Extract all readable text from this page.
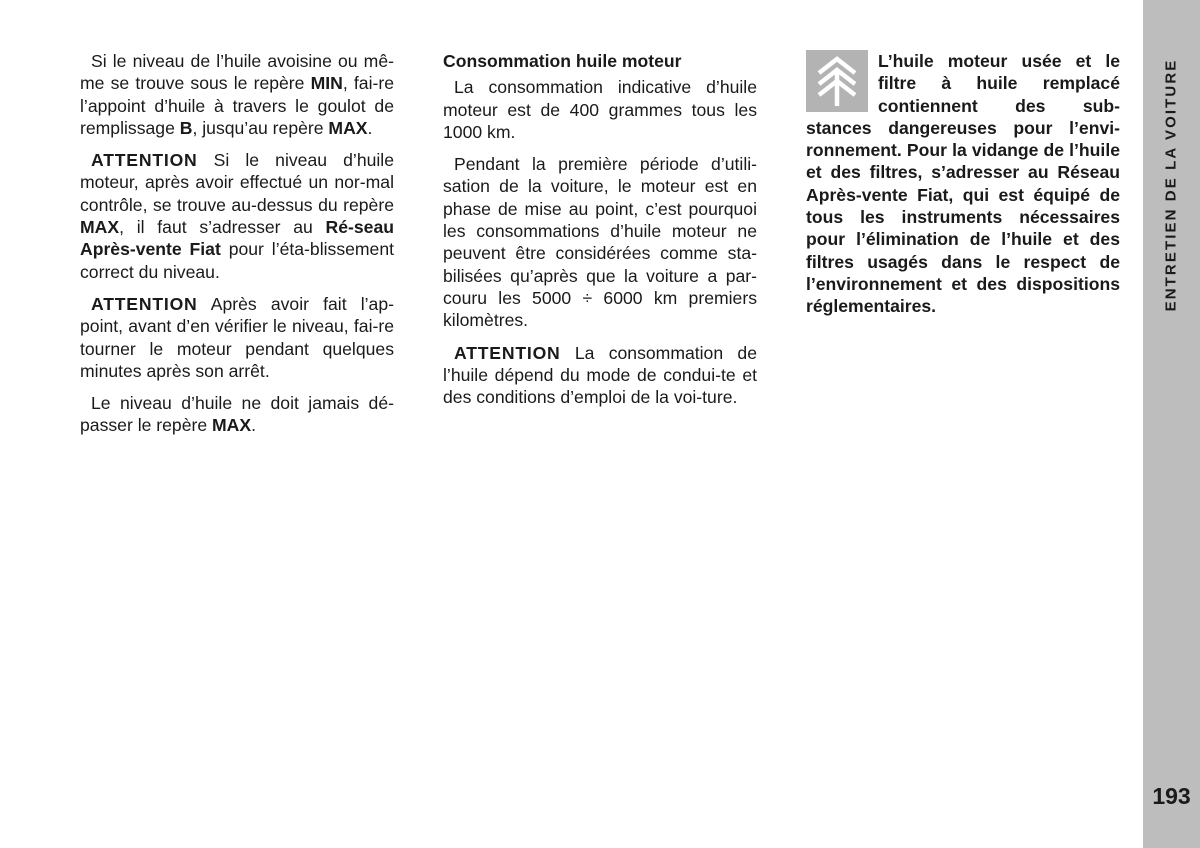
Si le niveau de l’huile avoisine ou mê-me se trouve sous le repère MIN, fai-re l’appoint d’huile à travers le goulot de remplissage B, jusqu’au repère MAX.

ATTENTION Si le niveau d’huile moteur, après avoir effectué un nor-mal contrôle, se trouve au-dessus du repère MAX, il faut s’adresser au Ré-seau Après-vente Fiat pour l’éta-blissement correct du niveau.

ATTENTION Après avoir fait l’ap-point, avant d’en vérifier le niveau, fai-re tourner le moteur pendant quelques minutes après son arrêt.

Le niveau d’huile ne doit jamais dé-passer le repère MAX.

Consommation huile moteur

La consommation indicative d’huile moteur est de 400 grammes tous les 1000 km.

Pendant la première période d’utili-sation de la voiture, le moteur est en phase de mise au point, c’est pourquoi les consommations d’huile moteur ne peuvent être considérées comme sta-bilisées qu’après que la voiture a par-couru les 5000 ÷ 6000 km premiers kilomètres.

ATTENTION La consommation de l’huile dépend du mode de condui-te et des conditions d’emploi de la voi-ture.

L’huile moteur usée et le filtre à huile remplacé contiennent des sub-stances dangereuses pour l’envi-ronnement. Pour la vidange de l’huile et des filtres, s’adresser au Réseau Après-vente Fiat, qui est équipé de tous les instruments nécessaires pour l’élimination de l’huile et des filtres usagés dans le respect de l’environnement et des dispositions réglementaires.	ENTRETIEN DE LA VOITURE
193
